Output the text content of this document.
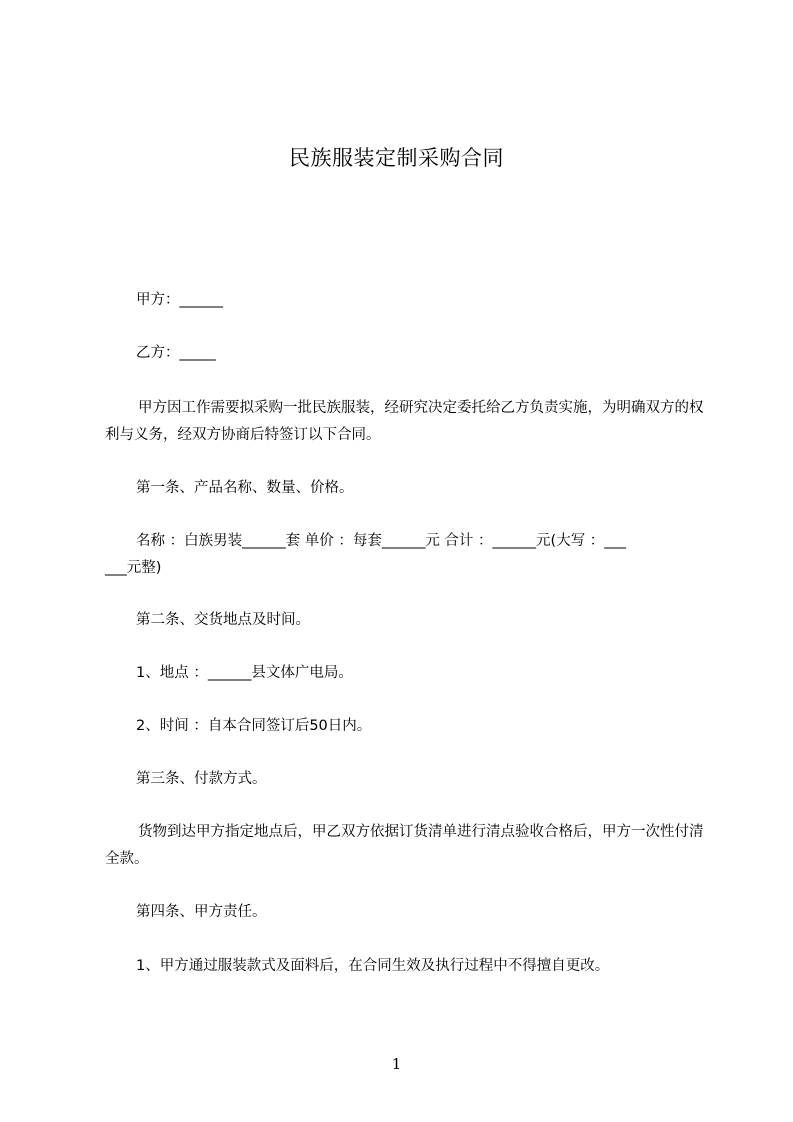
民族服装定制采购合同
甲方：______
乙方：_____
甲方因工作需要拟采购一批民族服装，经研究决定委托给乙方负责实施，为明确双方的权利与义务，经双方协商后特签订以下合同。
第一条、产品名称、数量、价格。
名称 ：白族男装______套 单价 ：每套______元 合计 ：______元(大写 ：___
___元整)
第二条、交货地点及时间。
1、地点 ：______县文体广电局。
2、时间 ：自本合同签订后50日内。
第三条、付款方式。
货物到达甲方指定地点后，甲乙双方依据订货清单进行清点验收合格后，甲方一次性付清全款。
第四条、甲方责任。
1、甲方通过服装款式及面料后，在合同生效及执行过程中不得擅自更改。
1
